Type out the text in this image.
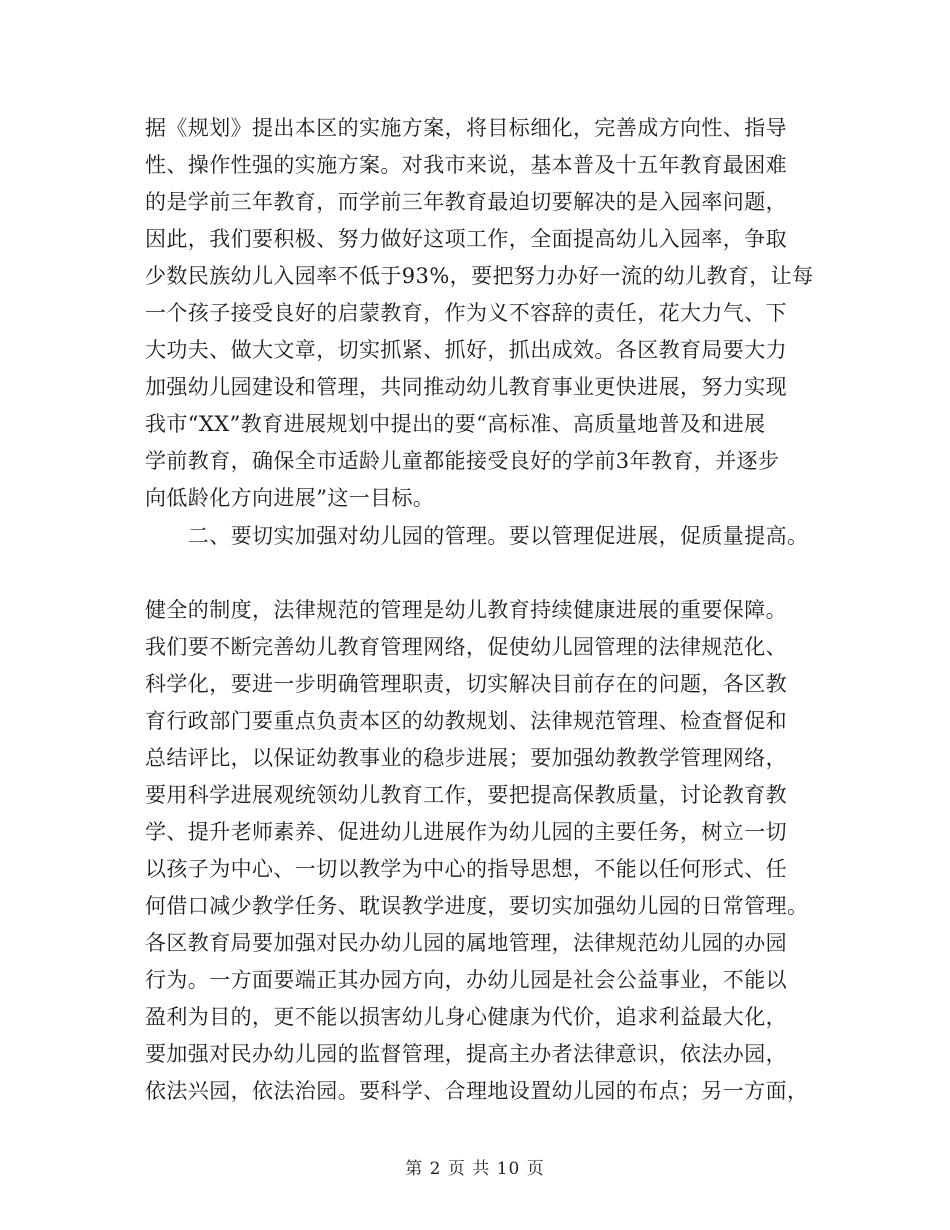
据《规划》提出本区的实施方案，将目标细化，完善成方向性、指导
性、操作性强的实施方案。对我市来说，基本普及十五年教育最困难
的是学前三年教育，而学前三年教育最迫切要解决的是入园率问题，
因此，我们要积极、努力做好这项工作，全面提高幼儿入园率，争取
少数民族幼儿入园率不低于93%，要把努力办好一流的幼儿教育，让每
一个孩子接受良好的启蒙教育，作为义不容辞的责任，花大力气、下
大功夫、做大文章，切实抓紧、抓好，抓出成效。各区教育局要大力
加强幼儿园建设和管理，共同推动幼儿教育事业更快进展，努力实现
我市“XX”教育进展规划中提出的要“高标准、高质量地普及和进展
学前教育，确保全市适龄儿童都能接受良好的学前3年教育，并逐步
向低龄化方向进展”这一目标。
　　二、要切实加强对幼儿园的管理。要以管理促进展，促质量提高。
健全的制度，法律规范的管理是幼儿教育持续健康进展的重要保障。
我们要不断完善幼儿教育管理网络，促使幼儿园管理的法律规范化、
科学化，要进一步明确管理职责，切实解决目前存在的问题，各区教
育行政部门要重点负责本区的幼教规划、法律规范管理、检查督促和
总结评比，以保证幼教事业的稳步进展；要加强幼教教学管理网络，
要用科学进展观统领幼儿教育工作，要把提高保教质量，讨论教育教
学、提升老师素养、促进幼儿进展作为幼儿园的主要任务，树立一切
以孩子为中心、一切以教学为中心的指导思想，不能以任何形式、任
何借口减少教学任务、耽误教学进度，要切实加强幼儿园的日常管理。
各区教育局要加强对民办幼儿园的属地管理，法律规范幼儿园的办园
行为。一方面要端正其办园方向，办幼儿园是社会公益事业，不能以
盈利为目的，更不能以损害幼儿身心健康为代价，追求利益最大化，
要加强对民办幼儿园的监督管理，提高主办者法律意识，依法办园，
依法兴园，依法治园。要科学、合理地设置幼儿园的布点；另一方面，
第 2 页 共 10 页
